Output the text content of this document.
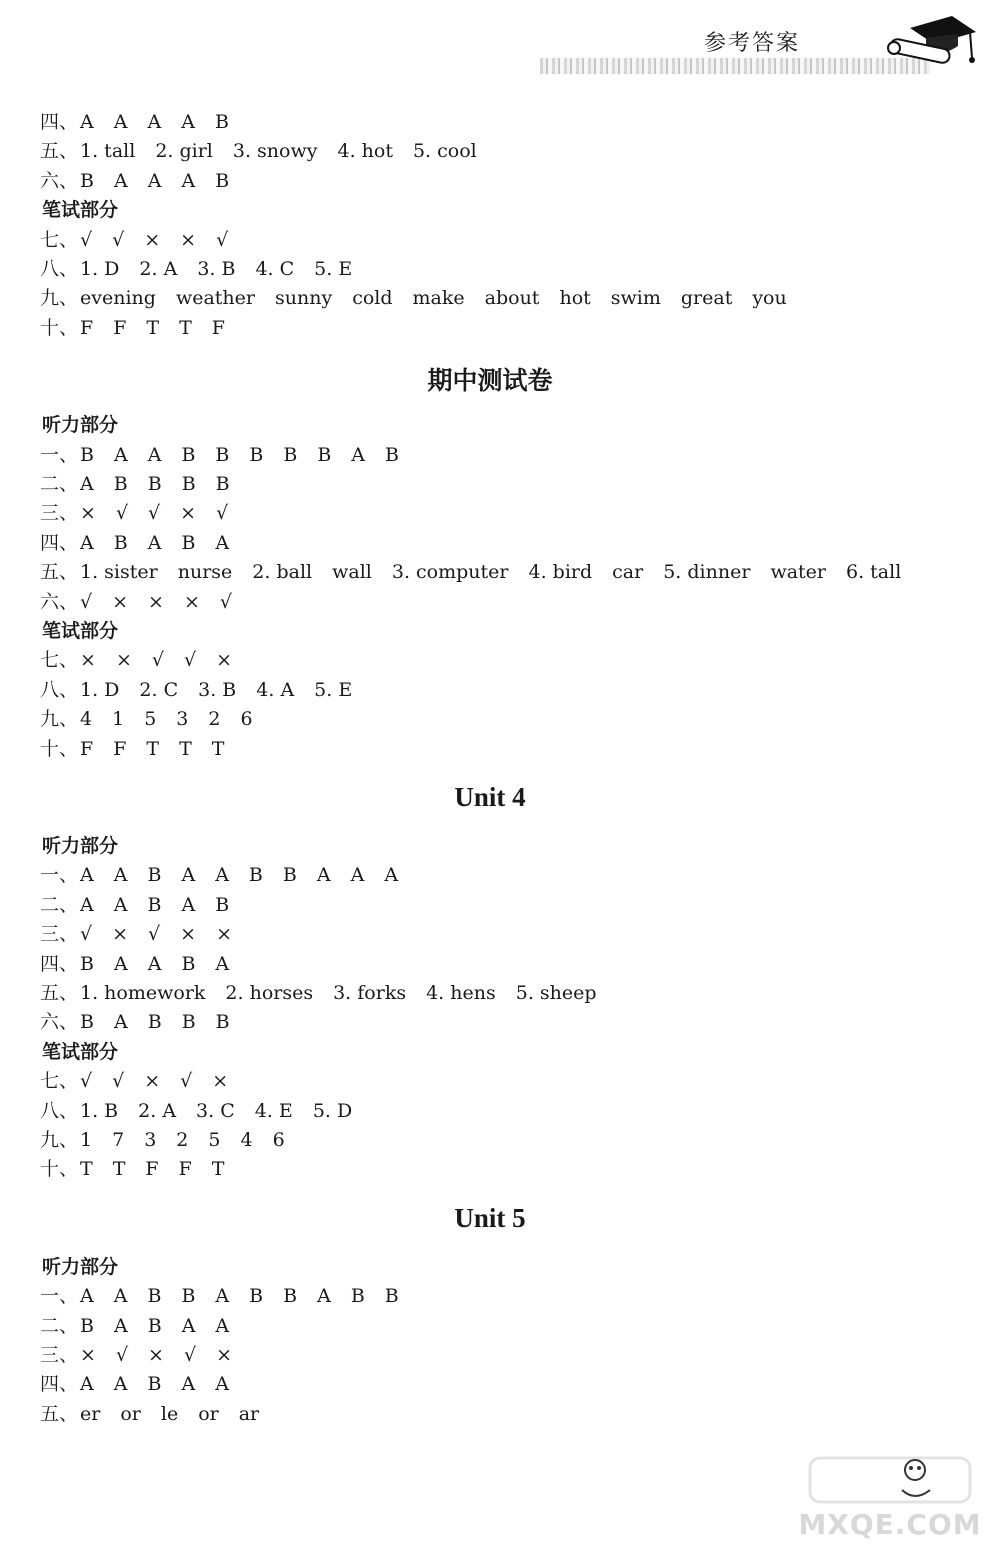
参考答案
四、 A A A A B
五、 1. tall 2. girl 3. snowy 4. hot 5. cool
六、 B A A A B
笔试部分
七、 √ √ × × √
八、 1. D 2. A 3. B 4. C 5. E
九、 evening weather sunny cold make about hot swim great you
十、 F F T T F
期中测试卷
听力部分
一、 B A A B B B B B A B
二、 A B B B B
三、 × √ √ × √
四、 A B A B A
五、 1. sister nurse 2. ball wall 3. computer 4. bird car 5. dinner water 6. tall
六、 √ × × × √
笔试部分
七、 × × √ √ ×
八、 1. D 2. C 3. B 4. A 5. E
九、 4 1 5 3 2 6
十、 F F T T T
Unit 4
听力部分
一、 A A B A A B B A A A
二、 A A B A B
三、 √ × √ × ×
四、 B A A B A
五、 1. homework 2. horses 3. forks 4. hens 5. sheep
六、 B A B B B
笔试部分
七、 √ √ × √ ×
八、 1. B 2. A 3. C 4. E 5. D
九、 1 7 3 2 5 4 6
十、 T T F F T
Unit 5
听力部分
一、 A A B B A B B A B B
二、 B A B A A
三、 × √ × √ ×
四、 A A B A A
五、 er or le or ar
MXQE.COM
